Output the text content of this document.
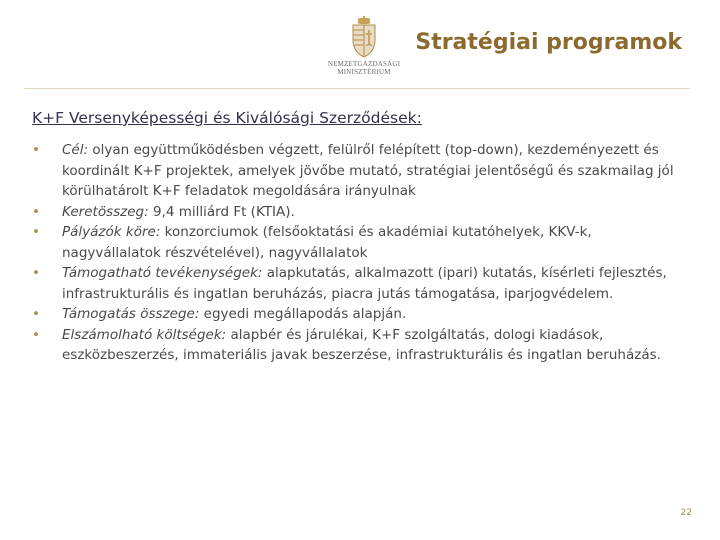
NEMZETGAZDASÁGI
MINISZTÉRIUM
Stratégiai programok
K+F Versenyképességi és Kiválósági Szerződések:
• Cél: olyan együttműködésben végzett, felülről felépített (top-down), kezdeményezett és koordinált K+F projektek, amelyek jövőbe mutató, stratégiai jelentőségű és szakmailag jól körülhatárolt K+F feladatok megoldására irányulnak
• Keretösszeg: 9,4 milliárd Ft (KTIA).
• Pályázók köre: konzorciumok (felsőoktatási és akadémiai kutatóhelyek, KKV-k, nagyvállalatok részvételével), nagyvállalatok
• Támogatható tevékenységek: alapkutatás, alkalmazott (ipari) kutatás, kísérleti fejlesztés, infrastrukturális és ingatlan beruházás, piacra jutás támogatása, iparjogvédelem.
• Támogatás összege: egyedi megállapodás alapján.
• Elszámolható költségek: alapbér és járulékai, K+F szolgáltatás, dologi kiadások, eszközbeszerzés, immateriális javak beszerzése, infrastrukturális és ingatlan beruházás.
22
